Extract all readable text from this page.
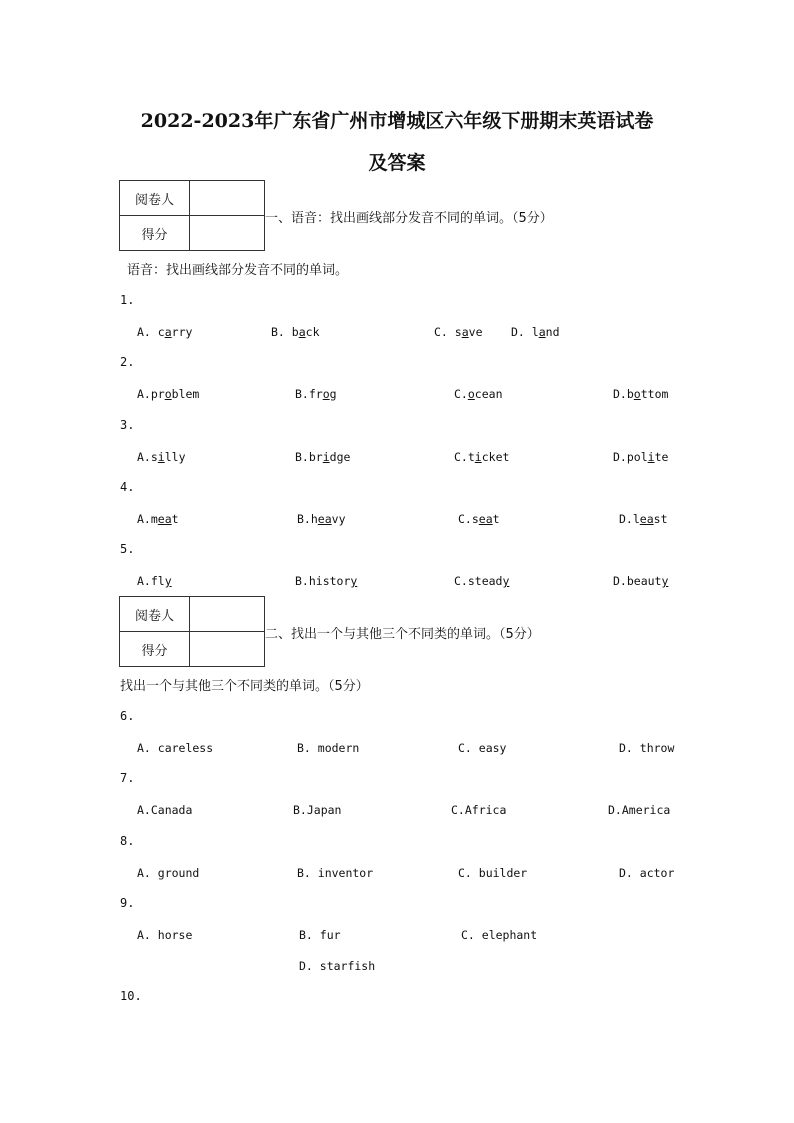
2022-2023年广东省广州市增城区六年级下册期末英语试卷
及答案
阅卷人	
得分	
一、语音：找出画线部分发音不同的单词。（5分）
语音：找出画线部分发音不同的单词。
1.
A. carry	B. back	C. save D. land
2.
A.problem	B.frog	C.ocean	D.bottom
3.
A.silly	B.bridge	C.ticket	D.polite
4.
A.meat	B.heavy	C.seat	D.least
5.
A.fly	B.history	C.steady	D.beauty
阅卷人	
得分	
二、找出一个与其他三个不同类的单词。（5分）
找出一个与其他三个不同类的单词。（5分）
6.
A. careless	B. modern	C. easy	D. throw
7.
A.Canada	B.Japan	C.Africa	D.America
8.
A. ground	B. inventor	C. builder	D. actor
9.
A. horse	B. fur	C. elephant
D. starfish
10.
